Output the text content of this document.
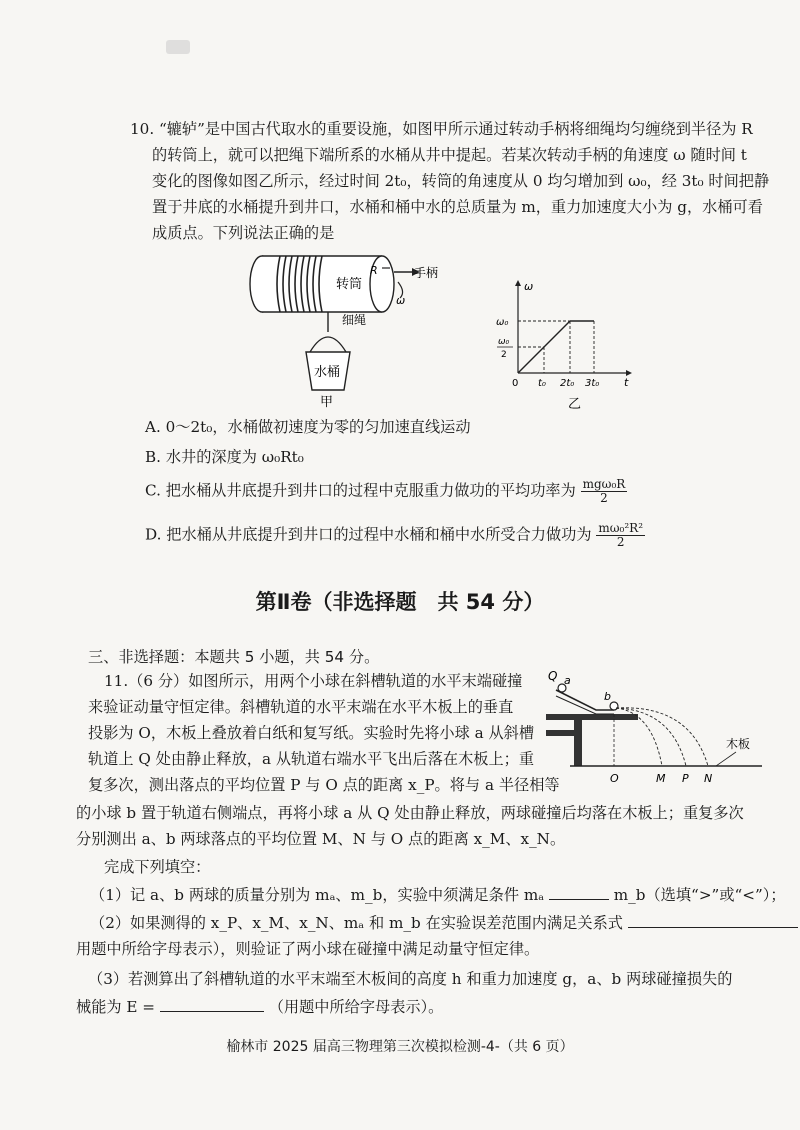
10. “辘轳”是中国古代取水的重要设施，如图甲所示通过转动手柄将细绳均匀缠绕到半径为 R
的转筒上，就可以把绳下端所系的水桶从井中提起。若某次转动手柄的角速度 ω 随时间 t
变化的图像如图乙所示，经过时间 2t₀，转筒的角速度从 0 均匀增加到 ω₀，经 3t₀ 时间把静
置于井底的水桶提升到井口，水桶和桶中水的总质量为 m，重力加速度大小为 g，水桶可看
成质点。下列说法正确的是
转筒
R	手柄
ω
细绳
水桶
甲
ω
t
0
ω₀
ω₀
2
t₀ 2t₀ 3t₀
乙
A. 0～2t₀，水桶做初速度为零的匀加速直线运动
B. 水井的深度为 ω₀Rt₀
C. 把水桶从井底提升到井口的过程中克服重力做功的平均功率为 $\frac{\text{mgω₀R}}{2}$
D. 把水桶从井底提升到井口的过程中水桶和桶中水所受合力做功为 $\frac{\text{mω₀²R²}}{2}$
第Ⅱ卷（非选择题　共 54 分）
三、非选择题：本题共 5 小题，共 54 分。
11.（6 分）如图所示，用两个小球在斜槽轨道的水平末端碰撞
来验证动量守恒定律。斜槽轨道的水平末端在水平木板上的垂直
投影为 O，木板上叠放着白纸和复写纸。实验时先将小球 a 从斜槽
轨道上 Q 处由静止释放，a 从轨道右端水平飞出后落在木板上；重
复多次，测出落点的平均位置 P 与 O 点的距离 x_P。将与 a 半径相等
的小球 b 置于轨道右侧端点，再将小球 a 从 Q 处由静止释放，两球碰撞后均落在木板上；重复多次
分别测出 a、b 两球落点的平均位置 M、N 与 O 点的距离 x_M、x_N。
完成下列填空：
（1）记 a、b 两球的质量分别为 mₐ、m_b，实验中须满足条件 mₐ	m_b（选填“>”或“<”）；
（2）如果测得的 x_P、x_M、x_N、mₐ 和 m_b 在实验误差范围内满足关系式
用题中所给字母表示），则验证了两小球在碰撞中满足动量守恒定律。
（3）若测算出了斜槽轨道的水平末端至木板间的高度 h 和重力加速度 g，a、b 两球碰撞损失的
械能为 E =	（用题中所给字母表示）。
Q a
b
O	M P N
木板
榆林市 2025 届高三物理第三次模拟检测-4-（共 6 页）
